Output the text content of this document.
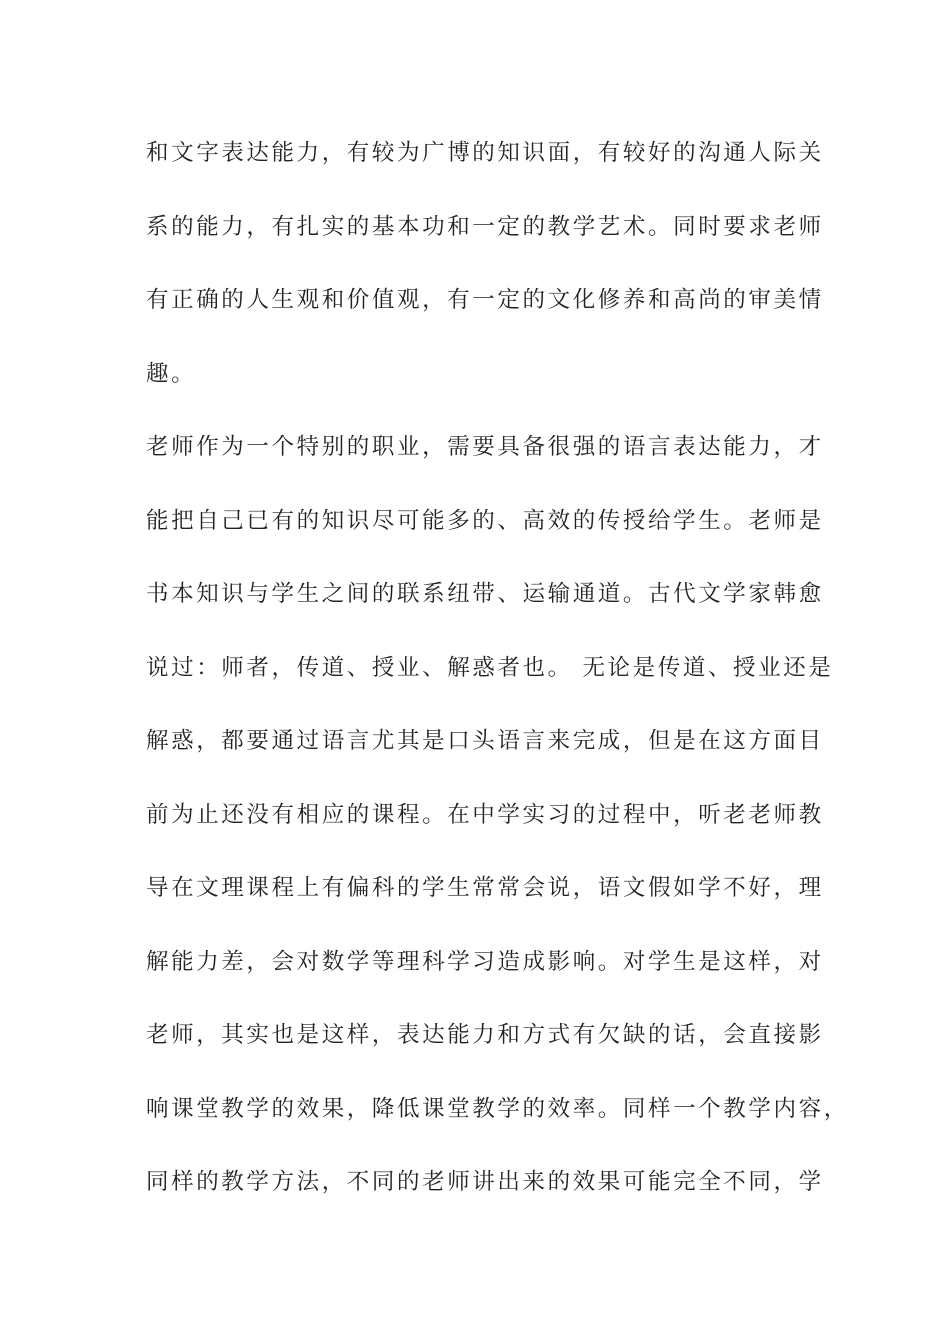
和文字表达能力，有较为广博的知识面，有较好的沟通人际关
系的能力，有扎实的基本功和一定的教学艺术。同时要求老师
有正确的人生观和价值观，有一定的文化修养和高尚的审美情
趣。
老师作为一个特别的职业，需要具备很强的语言表达能力，才
能把自己已有的知识尽可能多的、高效的传授给学生。老师是
书本知识与学生之间的联系纽带、运输通道。古代文学家韩愈
说过：师者，传道、授业、解惑者也。 无论是传道、授业还是
解惑，都要通过语言尤其是口头语言来完成，但是在这方面目
前为止还没有相应的课程。在中学实习的过程中，听老老师教
导在文理课程上有偏科的学生常常会说，语文假如学不好，理
解能力差，会对数学等理科学习造成影响。对学生是这样，对
老师，其实也是这样，表达能力和方式有欠缺的话，会直接影
响课堂教学的效果，降低课堂教学的效率。同样一个教学内容，
同样的教学方法，不同的老师讲出来的效果可能完全不同，学
